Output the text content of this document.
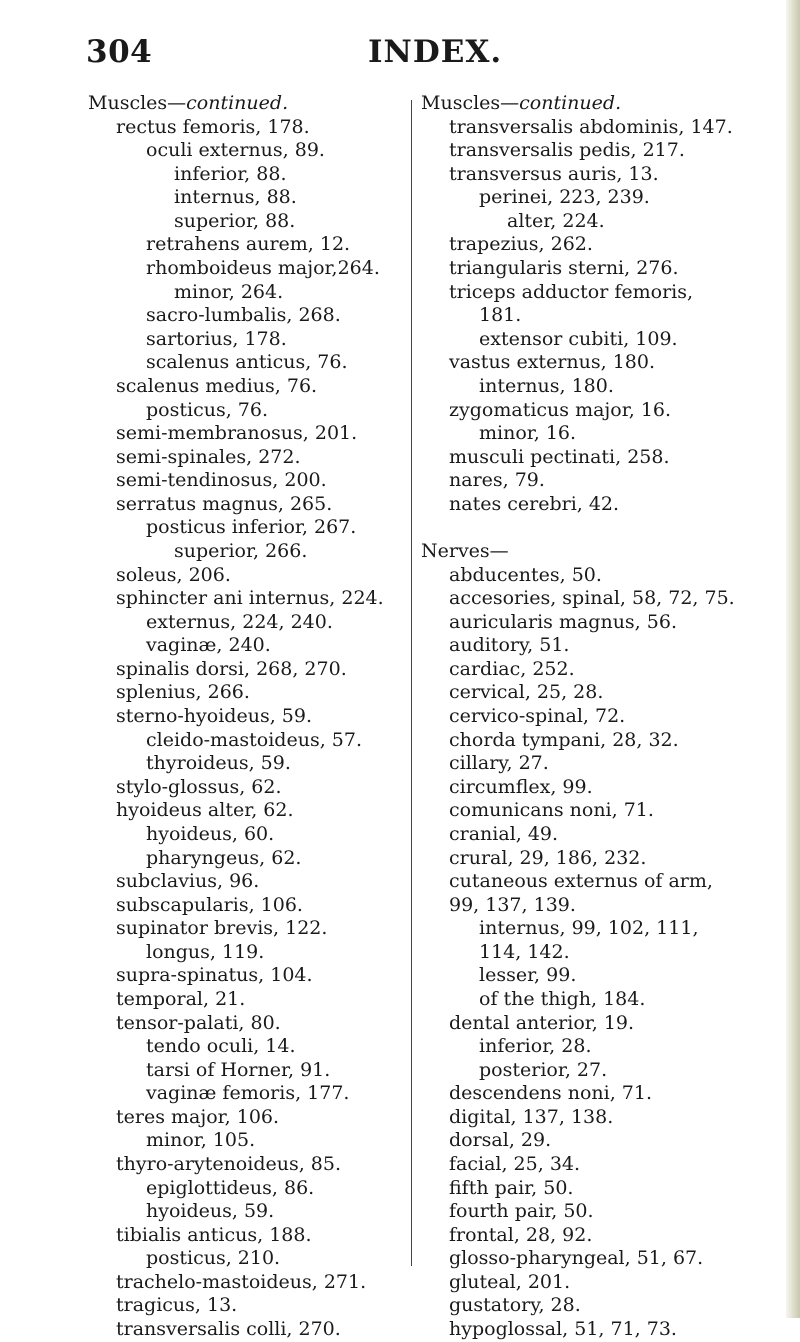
304	INDEX.
Muscles—continued.
rectus femoris, 178.
oculi externus, 89.
inferior, 88.
internus, 88.
superior, 88.
retrahens aurem, 12.
rhomboideus major,264.
minor, 264.
sacro-lumbalis, 268.
sartorius, 178.
scalenus anticus, 76.
scalenus medius, 76.
posticus, 76.
semi-membranosus, 201.
semi-spinales, 272.
semi-tendinosus, 200.
serratus magnus, 265.
posticus inferior, 267.
superior, 266.
soleus, 206.
sphincter ani internus, 224.
externus, 224, 240.
vaginæ, 240.
spinalis dorsi, 268, 270.
splenius, 266.
sterno-hyoideus, 59.
cleido-mastoideus, 57.
thyroideus, 59.
stylo-glossus, 62.
hyoideus alter, 62.
hyoideus, 60.
pharyngeus, 62.
subclavius, 96.
subscapularis, 106.
supinator brevis, 122.
longus, 119.
supra-spinatus, 104.
temporal, 21.
tensor-palati, 80.
tendo oculi, 14.
tarsi of Horner, 91.
vaginæ femoris, 177.
teres major, 106.
minor, 105.
thyro-arytenoideus, 85.
epiglottideus, 86.
hyoideus, 59.
tibialis anticus, 188.
posticus, 210.
trachelo-mastoideus, 271.
tragicus, 13.
transversalis colli, 270.
Muscles—continued.
transversalis abdominis, 147.
transversalis pedis, 217.
transversus auris, 13.
perinei, 223, 239.
alter, 224.
trapezius, 262.
triangularis sterni, 276.
triceps adductor femoris,
181.
extensor cubiti, 109.
vastus externus, 180.
internus, 180.
zygomaticus major, 16.
minor, 16.
musculi pectinati, 258.
nares, 79.
nates cerebri, 42.
Nerves—
abducentes, 50.
accesories, spinal, 58, 72, 75.
auricularis magnus, 56.
auditory, 51.
cardiac, 252.
cervical, 25, 28.
cervico-spinal, 72.
chorda tympani, 28, 32.
cillary, 27.
circumflex, 99.
comunicans noni, 71.
cranial, 49.
crural, 29, 186, 232.
cutaneous externus of arm,
99, 137, 139.
internus, 99, 102, 111,
114, 142.
lesser, 99.
of the thigh, 184.
dental anterior, 19.
inferior, 28.
posterior, 27.
descendens noni, 71.
digital, 137, 138.
dorsal, 29.
facial, 25, 34.
fifth pair, 50.
fourth pair, 50.
frontal, 28, 92.
glosso-pharyngeal, 51, 67.
gluteal, 201.
gustatory, 28.
hypoglossal, 51, 71, 73.
